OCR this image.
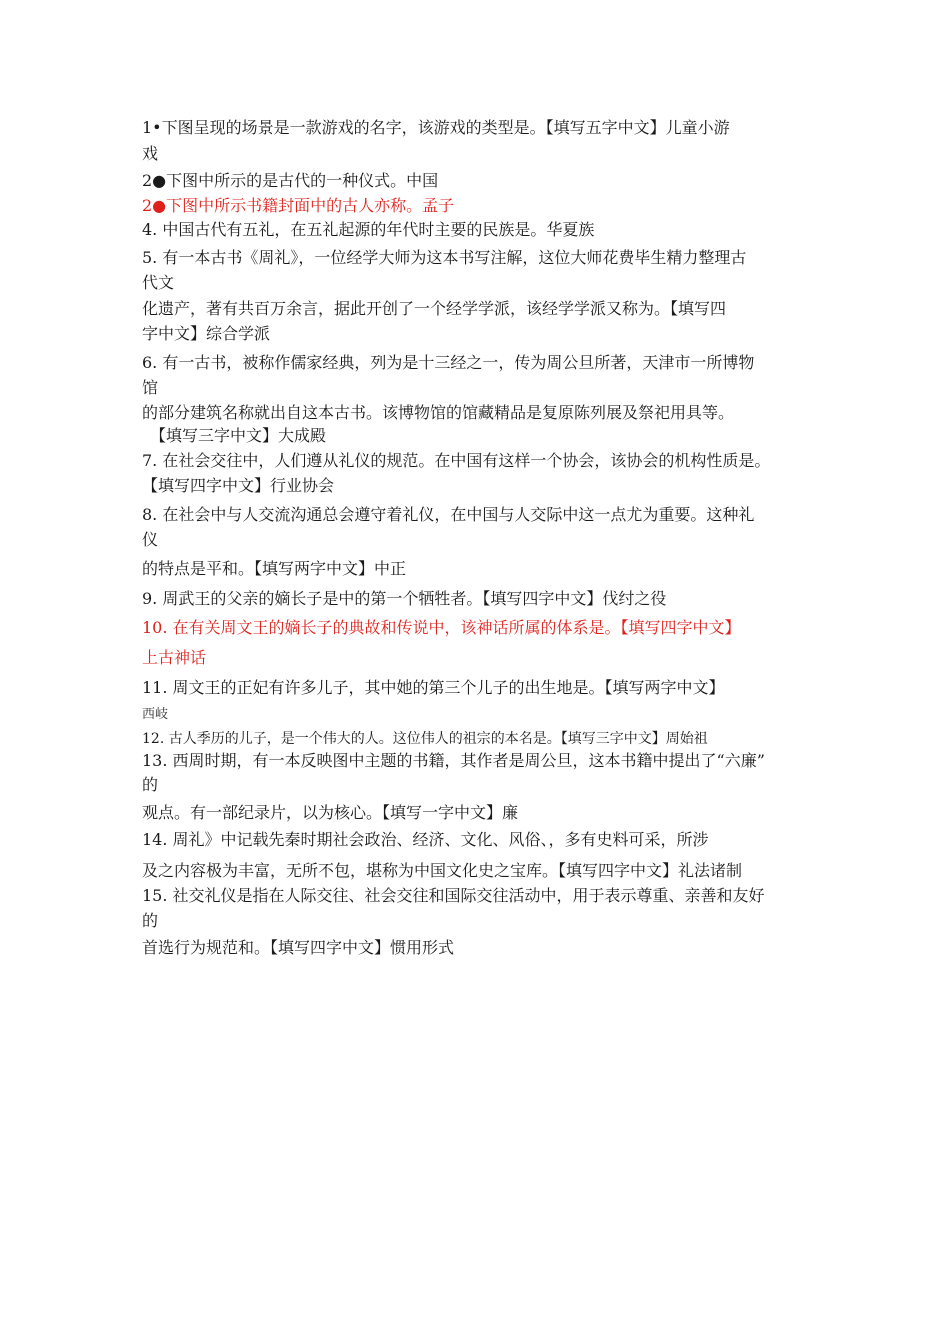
1•下图呈现的场景是一款游戏的名字，该游戏的类型是。【填写五字中文】儿童小游
戏
2●下图中所示的是古代的一种仪式。中国
2●下图中所示书籍封面中的古人亦称。孟子
4. 中国古代有五礼，在五礼起源的年代时主要的民族是。华夏族
5. 有一本古书《周礼》，一位经学大师为这本书写注解，这位大师花费毕生精力整理古
代文
化遗产，著有共百万余言，据此开创了一个经学学派，该经学学派又称为。【填写四
字中文】综合学派
6. 有一古书，被称作儒家经典，列为是十三经之一，传为周公旦所著，天津市一所博物
馆
的部分建筑名称就出自这本古书。该博物馆的馆藏精品是复原陈列展及祭祀用具等。
【填写三字中文】大成殿
7. 在社会交往中，人们遵从礼仪的规范。在中国有这样一个协会，该协会的机构性质是。
【填写四字中文】行业协会
8. 在社会中与人交流沟通总会遵守着礼仪，在中国与人交际中这一点尤为重要。这种礼
仪
的特点是平和。【填写两字中文】中正
9. 周武王的父亲的嫡长子是中的第一个牺牲者。【填写四字中文】伐纣之役
10. 在有关周文王的嫡长子的典故和传说中，该神话所属的体系是。【填写四字中文】
上古神话
11. 周文王的正妃有许多儿子，其中她的第三个儿子的出生地是。【填写两字中文】
西岐
12. 古人季历的儿子，是一个伟大的人。这位伟人的祖宗的本名是。【填写三字中文】周始祖
13. 西周时期，有一本反映图中主题的书籍，其作者是周公旦，这本书籍中提出了“六廉”
的
观点。有一部纪录片，以为核心。【填写一字中文】廉
14. 周礼》中记载先秦时期社会政治、经济、文化、风俗、，多有史料可采，所涉
及之内容极为丰富，无所不包，堪称为中国文化史之宝库。【填写四字中文】礼法诸制
15. 社交礼仪是指在人际交往、社会交往和国际交往活动中，用于表示尊重、亲善和友好
的
首选行为规范和。【填写四字中文】惯用形式
